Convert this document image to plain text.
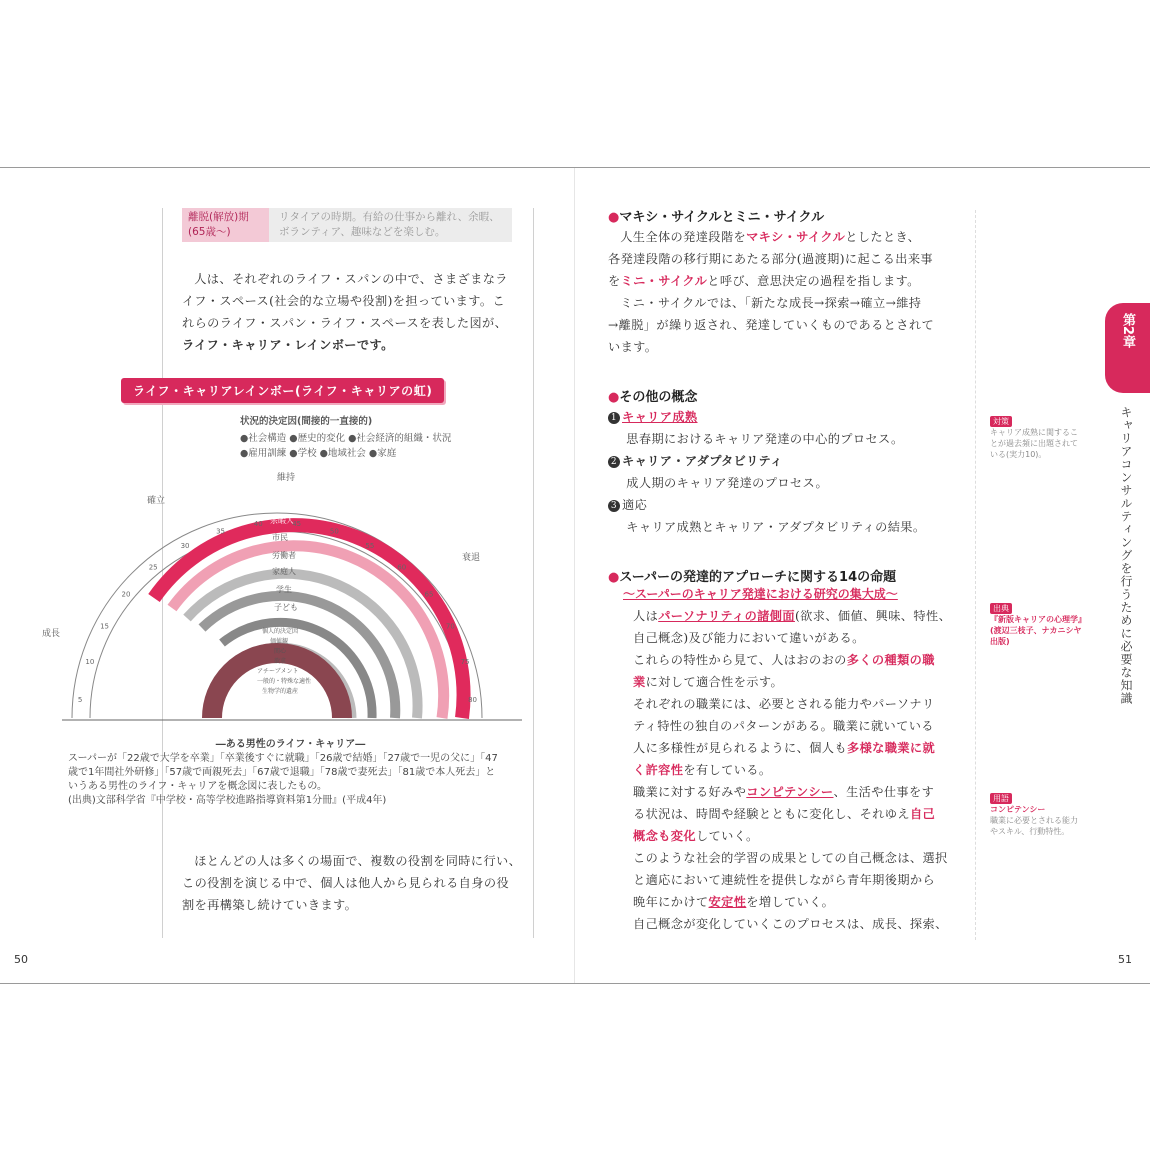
離脱(解放)期(65歳〜)
リタイアの時期。有給の仕事から離れ、余暇、ボランティア、趣味などを楽しむ。
人は、それぞれのライフ・スパンの中で、さまざまなラ
イフ・スペース(社会的な立場や役割)を担っています。こ
れらのライフ・スパン・ライフ・スペースを表した図が、
ライフ・キャリア・レインボーです。
ライフ・キャリアレインボー(ライフ・キャリアの虹)
状況的決定因(間接的一直接的)
●社会構造 ●歴史的変化 ●社会経済的組織・状況
●雇用訓練 ●学校 ●地域社会 ●家庭
維持
確立
衰退
成長
余暇人
市民
労働者
家庭人
学生
子ども
個人的決定因
価値観
関心
欲求
アチーブメント
一般的・特殊な適性
生物学的遺産
5
10
15
20
25
30
35
40	45
50
55
60
65
70
75
80
―ある男性のライフ・キャリア―
スーパーが「22歳で大学を卒業」「卒業後すぐに就職」「26歳で結婚」「27歳で一児の父に」「47
歳で1年間社外研修」「57歳で両親死去」「67歳で退職」「78歳で妻死去」「81歳で本人死去」と
いうある男性のライフ・キャリアを概念図に表したもの。
(出典)文部科学省『中学校・高等学校進路指導資料第1分冊』(平成4年)
ほとんどの人は多くの場面で、複数の役割を同時に行い、
この役割を演じる中で、個人は他人から見られる自身の役
割を再構築し続けていきます。
50
●マキシ・サイクルとミニ・サイクル
人生全体の発達段階をマキシ・サイクルとしたとき、
各発達段階の移行期にあたる部分(過渡期)に起こる出来事
をミニ・サイクルと呼び、意思決定の過程を指します。
ミニ・サイクルでは、「新たな成長→探索→確立→維持
→離脱」が繰り返され、発達していくものであるとされて
います。
●その他の概念
1 キャリア成熟
思春期におけるキャリア発達の中心的プロセス。
2 キャリア・アダプタビリティ
成人期のキャリア発達のプロセス。
3 適応
キャリア成熟とキャリア・アダプタビリティの結果。
●スーパーの発達的アプローチに関する14の命題
〜スーパーのキャリア発達における研究の集大成〜
人はパーソナリティの諸側面(欲求、価値、興味、特性、
自己概念)及び能力において違いがある。
これらの特性から見て、人はおのおの多くの種類の職
業に対して適合性を示す。
それぞれの職業には、必要とされる能力やパーソナリ
ティ特性の独自のパターンがある。職業に就いている
人に多様性が見られるように、個人も多様な職業に就
く許容性を有している。
職業に対する好みやコンピテンシー、生活や仕事をす
る状況は、時間や経験とともに変化し、それゆえ自己
概念も変化していく。
このような社会的学習の成果としての自己概念は、選択
と適応において連続性を提供しながら青年期後期から
晩年にかけて安定性を増していく。
自己概念が変化していくこのプロセスは、成長、探索、
第2章
キャリアコンサルティングを行うために必要な知識
対策
キャリア成熟に関することが過去頻に出題されている(実力10)。
出典
『新版キャリアの心理学』(渡辺三枝子、ナカニシヤ出版)
用語
コンピテンシー
職業に必要とされる能力やスキル、行動特性。
51
